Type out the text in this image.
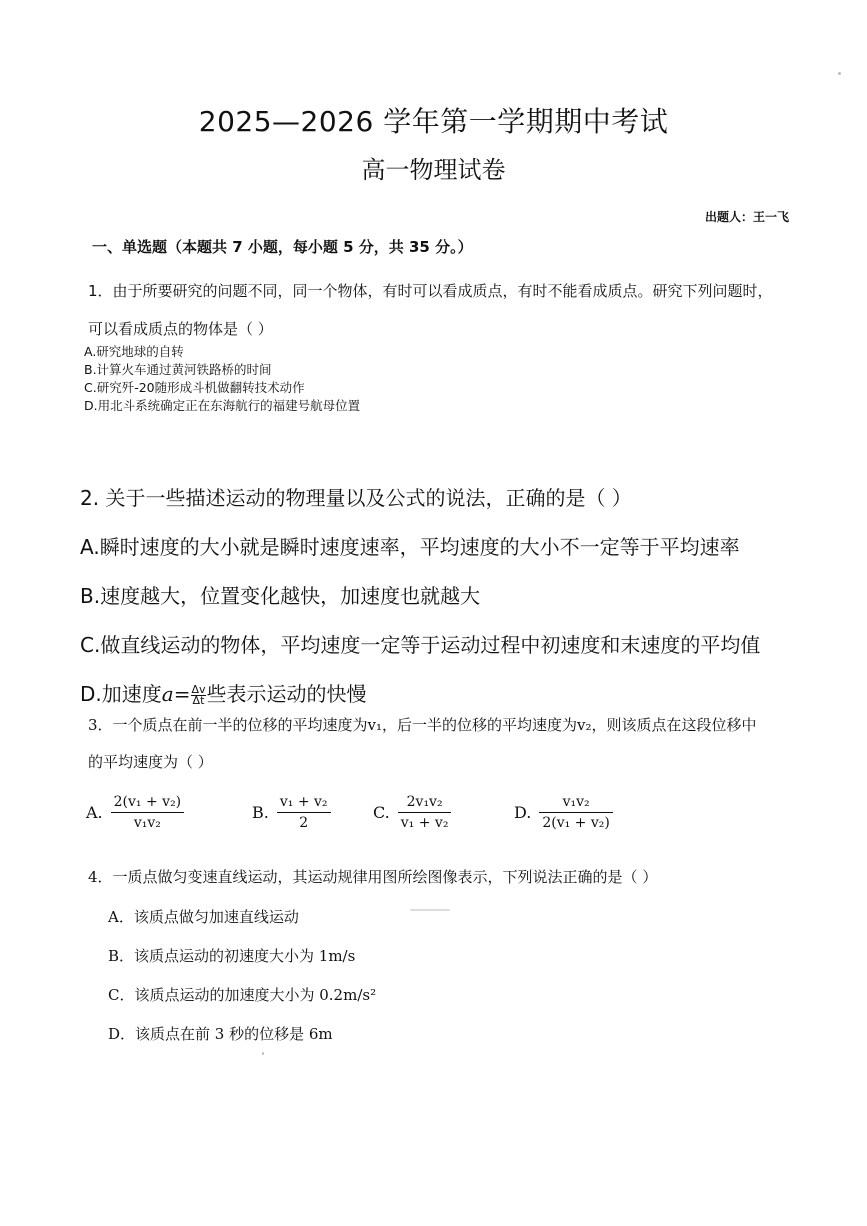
2025—2026 学年第一学期期中考试
高一物理试卷
出题人：王一飞
一、单选题（本题共 7 小题，每小题 5 分，共 35 分。）
1．由于所要研究的问题不同，同一个物体，有时可以看成质点，有时不能看成质点。研究下列问题时，
可以看成质点的物体是（ ）
A.研究地球的自转
B.计算火车通过黄河铁路桥的时间
C.研究歼-20随形成斗机做翻转技术动作
D.用北斗系统确定正在东海航行的福建号航母位置
2. 关于一些描述运动的物理量以及公式的说法，正确的是（ ）
A.瞬时速度的大小就是瞬时速度速率，平均速度的大小不一定等于平均速率
B.速度越大，位置变化越快，加速度也就越大
C.做直线运动的物体，平均速度一定等于运动过程中初速度和末速度的平均值
D.加速度$a= \frac{\Delta v}{\Delta t}$ 些表示运动的快慢
3．一个质点在前一半的位移的平均速度为v₁，后一半的位移的平均速度为v₂，则该质点在这段位移中
的平均速度为（ ）
A. $\frac{\text{2(v₁ + v₂)}}{\text{v₁v₂}}$	B. $\frac{\text{v₁ + v₂}}{2}$	C. $\frac{\text{2v₁v₂}}{\text{v₁ + v₂}}$	D. $\frac{\text{v₁v₂}}{\text{2(v₁ + v₂)}}$
4．一质点做匀变速直线运动，其运动规律用图所绘图像表示，下列说法正确的是（ ）
A．该质点做匀加速直线运动
B．该质点运动的初速度大小为 1m/s
C．该质点运动的加速度大小为 0.2m/s²
D．该质点在前 3 秒的位移是 6m
